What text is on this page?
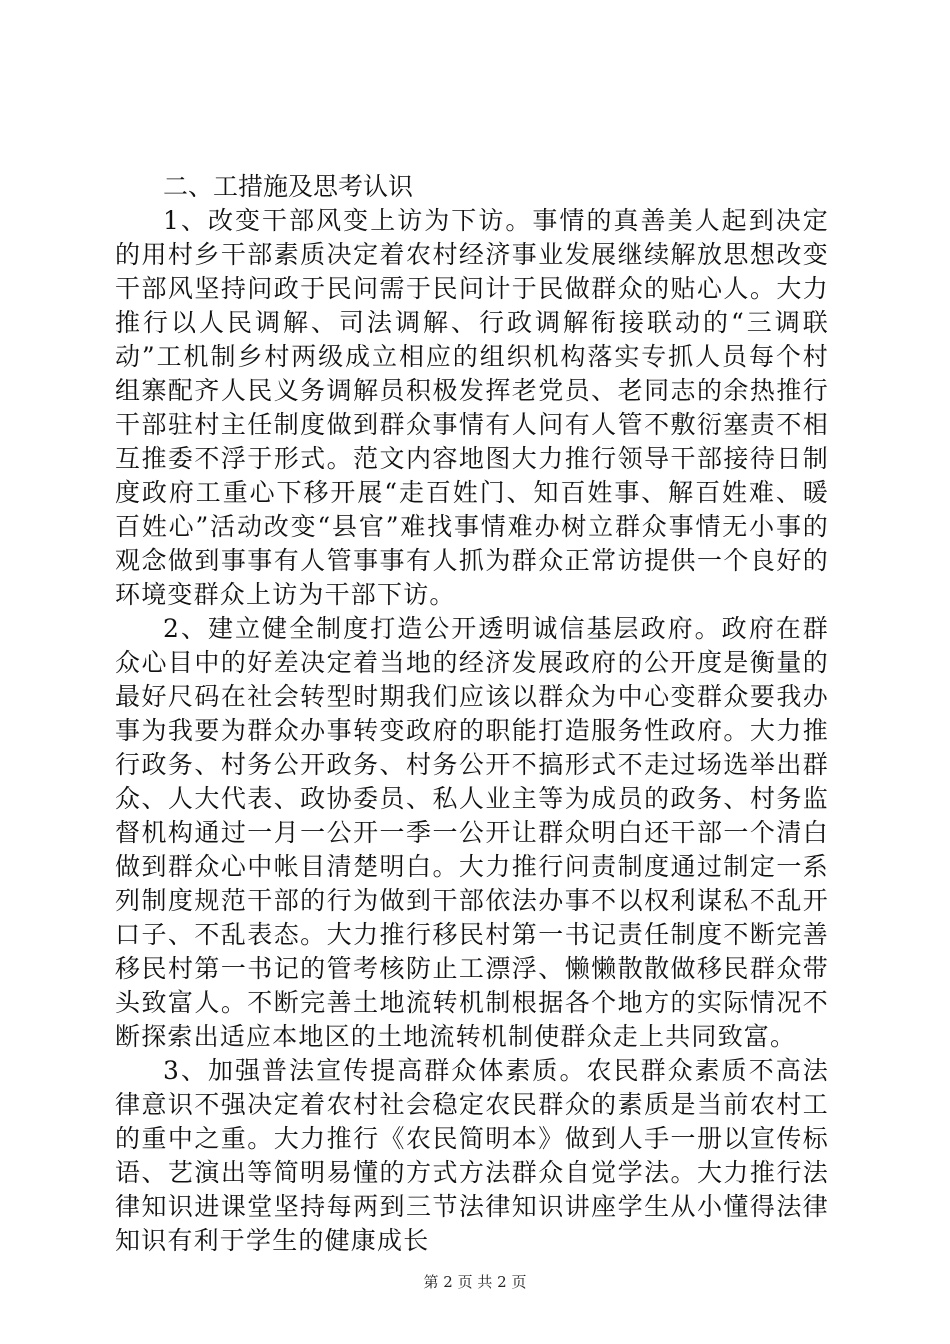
二、工措施及思考认识

1、改变干部风变上访为下访。事情的真善美人起到决定的用村乡干部素质决定着农村经济事业发展继续解放思想改变干部风坚持问政于民问需于民问计于民做群众的贴心人。大力推行以人民调解、司法调解、行政调解衔接联动的“三调联动”工机制乡村两级成立相应的组织机构落实专抓人员每个村组寨配齐人民义务调解员积极发挥老党员、老同志的余热推行干部驻村主任制度做到群众事情有人问有人管不敷衍塞责不相互推委不浮于形式。范文内容地图大力推行领导干部接待日制度政府工重心下移开展“走百姓门、知百姓事、解百姓难、暖百姓心”活动改变“县官”难找事情难办树立群众事情无小事的观念做到事事有人管事事有人抓为群众正常访提供一个良好的环境变群众上访为干部下访。

2、建立健全制度打造公开透明诚信基层政府。政府在群众心目中的好差决定着当地的经济发展政府的公开度是衡量的最好尺码在社会转型时期我们应该以群众为中心变群众要我办事为我要为群众办事转变政府的职能打造服务性政府。大力推行政务、村务公开政务、村务公开不搞形式不走过场选举出群众、人大代表、政协委员、私人业主等为成员的政务、村务监督机构通过一月一公开一季一公开让群众明白还干部一个清白做到群众心中帐目清楚明白。大力推行问责制度通过制定一系列制度规范干部的行为做到干部依法办事不以权利谋私不乱开口子、不乱表态。大力推行移民村第一书记责任制度不断完善移民村第一书记的管考核防止工漂浮、懒懒散散做移民群众带头致富人。不断完善土地流转机制根据各个地方的实际情况不断探索出适应本地区的土地流转机制使群众走上共同致富。

3、加强普法宣传提高群众体素质。农民群众素质不高法律意识不强决定着农村社会稳定农民群众的素质是当前农村工的重中之重。大力推行《农民简明本》做到人手一册以宣传标语、艺演出等简明易懂的方式方法群众自觉学法。大力推行法律知识进课堂坚持每两到三节法律知识讲座学生从小懂得法律知识有利于学生的健康成长

第 2 页 共 2 页
